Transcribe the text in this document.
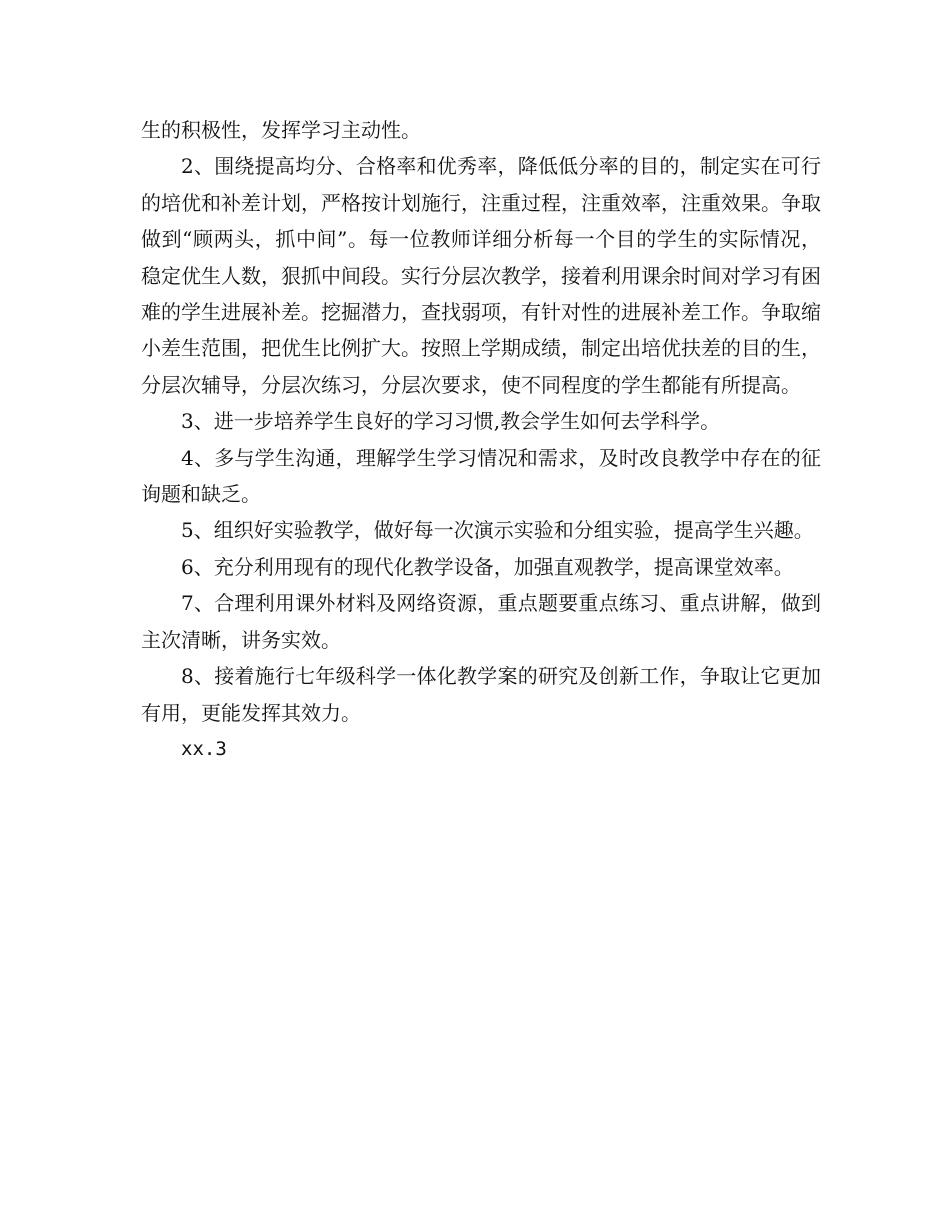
生的积极性，发挥学习主动性。

2、围绕提高均分、合格率和优秀率，降低低分率的目的，制定实在可行的培优和补差计划，严格按计划施行，注重过程，注重效率，注重效果。争取做到“顾两头，抓中间”。每一位教师详细分析每一个目的学生的实际情况，稳定优生人数，狠抓中间段。实行分层次教学，接着利用课余时间对学习有困难的学生进展补差。挖掘潜力，查找弱项，有针对性的进展补差工作。争取缩小差生范围，把优生比例扩大。按照上学期成绩，制定出培优扶差的目的生，分层次辅导，分层次练习，分层次要求，使不同程度的学生都能有所提高。

3、进一步培养学生良好的学习习惯,教会学生如何去学科学。

4、多与学生沟通，理解学生学习情况和需求，及时改良教学中存在的征询题和缺乏。

5、组织好实验教学，做好每一次演示实验和分组实验，提高学生兴趣。

6、充分利用现有的现代化教学设备，加强直观教学，提高课堂效率。

7、合理利用课外材料及网络资源，重点题要重点练习、重点讲解，做到主次清晰，讲务实效。

8、接着施行七年级科学一体化教学案的研究及创新工作，争取让它更加有用，更能发挥其效力。

xx.3
